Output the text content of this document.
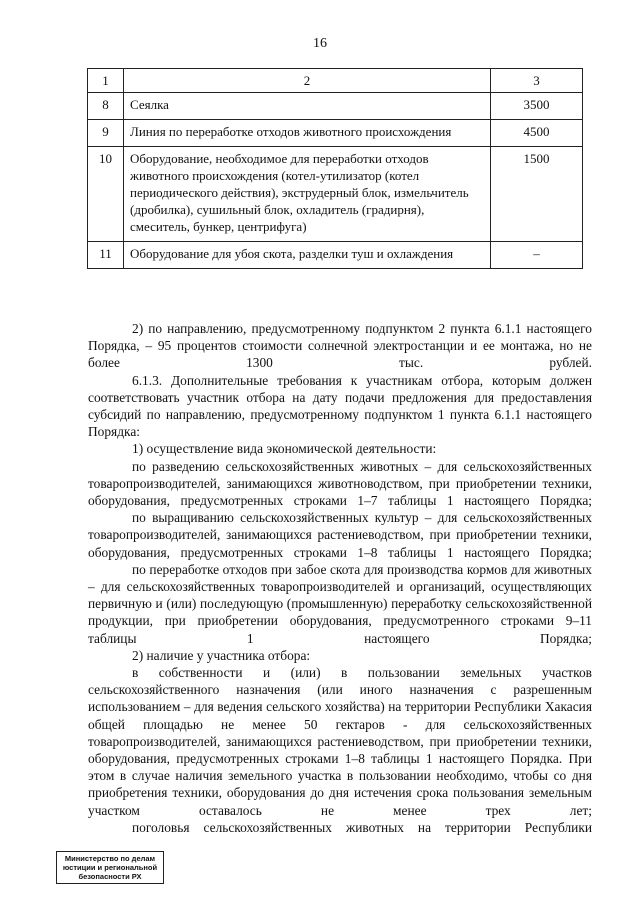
16
1	2	3
8	Сеялка	3500
9	Линия по переработке отходов животного происхождения	4500
10	Оборудование, необходимое для переработки отходов животного происхождения (котел-утилизатор (котел периодического действия), экструдерный блок, измельчитель (дробилка), сушильный блок, охладитель (градирня), смеситель, бункер, центрифуга)	1500
11	Оборудование для убоя скота, разделки туш и охлаждения	–

2) по направлению, предусмотренному подпунктом 2 пункта 6.1.1 настоящего Порядка, – 95 процентов стоимости солнечной электростанции и ее монтажа, но не более 1300 тыс. рублей.

6.1.3. Дополнительные требования к участникам отбора, которым должен соответствовать участник отбора на дату подачи предложения для предоставления субсидий по направлению, предусмотренному подпунктом 1 пункта 6.1.1 настоящего Порядка:

1) осуществление вида экономической деятельности:

по разведению сельскохозяйственных животных – для сельскохозяйственных товаропроизводителей, занимающихся животноводством, при приобретении техники, оборудования, предусмотренных строками 1–7 таблицы 1 настоящего Порядка;

по выращиванию сельскохозяйственных культур – для сельскохозяйственных товаропроизводителей, занимающихся растениеводством, при приобретении техники, оборудования, предусмотренных строками 1–8 таблицы 1 настоящего Порядка;

по переработке отходов при забое скота для производства кормов для животных – для сельскохозяйственных товаропроизводителей и организаций, осуществляющих первичную и (или) последующую (промышленную) переработку сельскохозяйственной продукции, при приобретении оборудования, предусмотренного строками 9–11 таблицы 1 настоящего Порядка;

2) наличие у участника отбора:

в собственности и (или) в пользовании земельных участков сельскохозяйственного назначения (или иного назначения с разрешенным использованием – для ведения сельского хозяйства) на территории Республики Хакасия общей площадью не менее 50 гектаров - для сельскохозяйственных товаропроизводителей, занимающихся растениеводством, при приобретении техники, оборудования, предусмотренных строками 1–8 таблицы 1 настоящего Порядка. При этом в случае наличия земельного участка в пользовании необходимо, чтобы со дня приобретения техники, оборудования до дня истечения срока пользования земельным участком оставалось не менее трех лет;

поголовья сельскохозяйственных животных на территории Республики

Министерство по делам
юстиции и региональной
безопасности РХ
